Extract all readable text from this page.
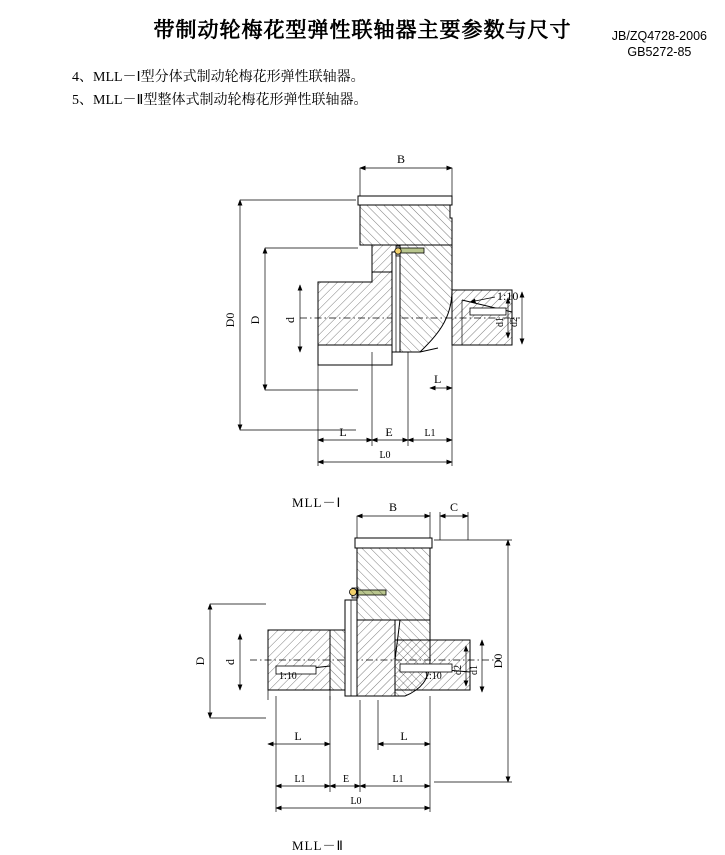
带制动轮梅花型弹性联轴器主要参数与尺寸	JB/ZQ4728-2006
GB5272-85
4、MLL－Ⅰ型分体式制动轮梅花形弹性联轴器。
5、MLL－Ⅱ型整体式制动轮梅花形弹性联轴器。
MLL－Ⅰ
MLL－Ⅱ
B
D0 D d
1:10
d1 d2
L
L	E	L1
L0
1:10	1:10
B	C
D d
d2 d1
D0
L	L
L1	E	L1
L0
